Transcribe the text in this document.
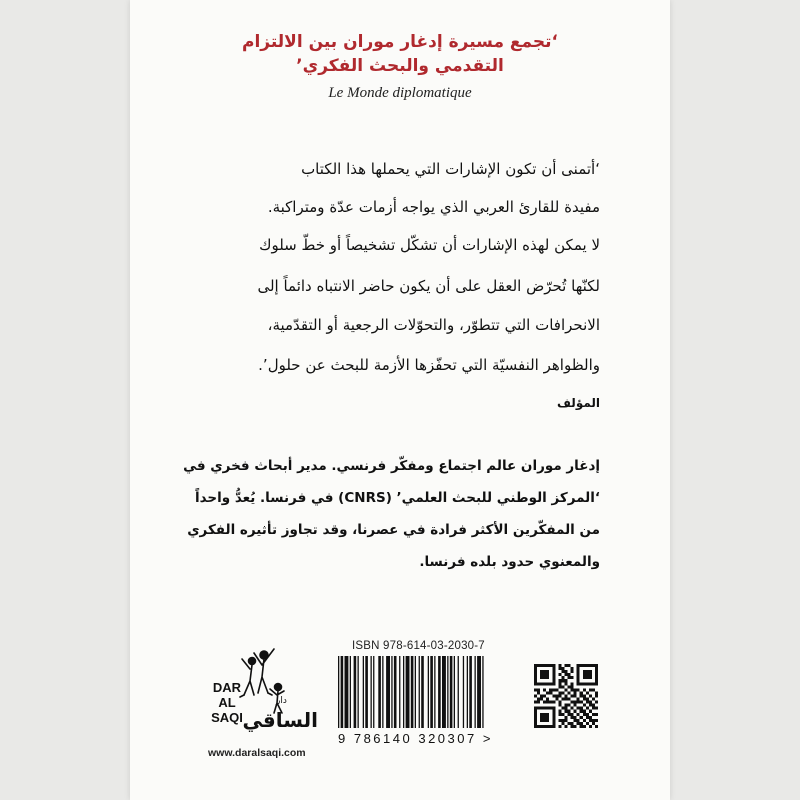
‘تجمع مسيرة إدغار موران بين الالتزام
التقدمي والبحث الفكري’
Le Monde diplomatique
‘أتمنى أن تكون الإشارات التي يحملها هذا الكتاب
مفيدة للقارئ العربي الذي يواجه أزمات عدّة ومتراكبة.
لا يمكن لهذه الإشارات أن تشكّل تشخيصاً أو خطّ سلوك
لكنّها تُحرّض العقل على أن يكون حاضر الانتباه دائماً إلى
الانحرافات التي تتطوّر، والتحوّلات الرجعية أو التقدّمية،
والظواهر النفسيّة التي تحفّزها الأزمة للبحث عن حلول’.
المؤلف
إدغار موران عالم اجتماع ومفكّر فرنسي. مدير أبحاث فخري في
‘المركز الوطني للبحث العلمي’ (CNRS) في فرنسا. يُعدُّ واحداً
من المفكّرين الأكثر فرادة في عصرنا، وقد تجاوز تأثيره الفكري
والمعنوي حدود بلده فرنسا.
DAR AL SAQI الساقي
دار
www.daralsaqi.com
ISBN 978-614-03-2030-7
9 786140 320307 >
